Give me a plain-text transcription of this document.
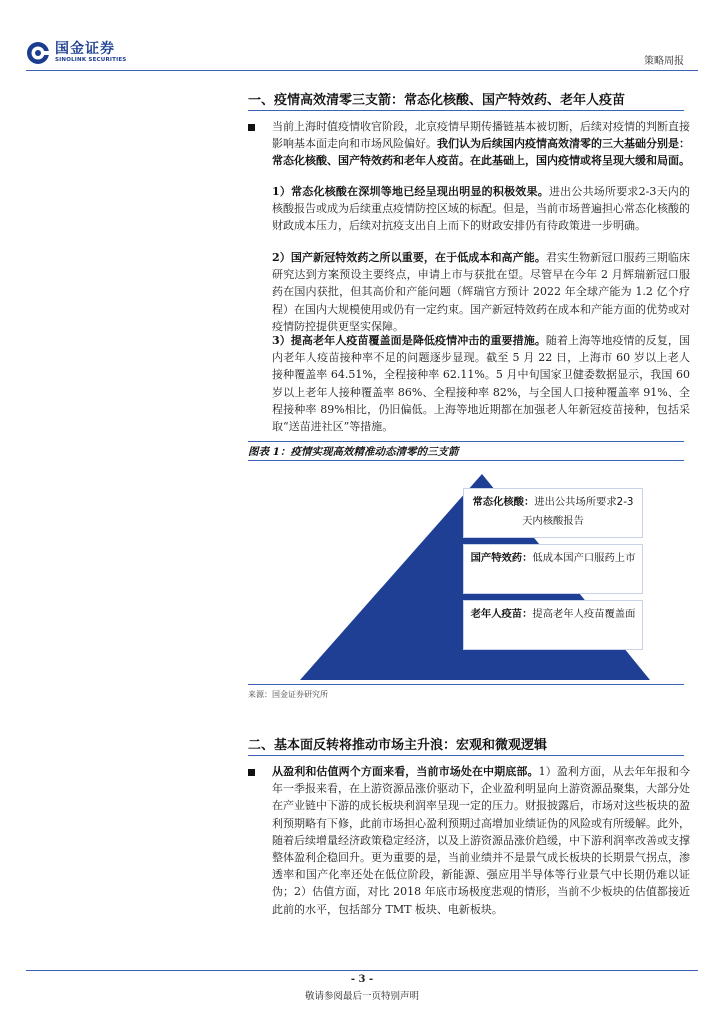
国金证券
SINOLINK SECURITIES	策略周报
一、疫情高效清零三支箭：常态化核酸、国产特效药、老年人疫苗
当前上海时值疫情收官阶段，北京疫情早期传播链基本被切断，后续对疫情的判断直接影响基本面走向和市场风险偏好。我们认为后续国内疫情高效清零的三大基础分别是：常态化核酸、国产特效药和老年人疫苗。在此基础上，国内疫情或将呈现大缓和局面。
1）常态化核酸在深圳等地已经呈现出明显的积极效果。进出公共场所要求2-3天内的核酸报告或成为后续重点疫情防控区域的标配。但是，当前市场普遍担心常态化核酸的财政成本压力，后续对抗疫支出自上而下的财政安排仍有待政策进一步明确。
2）国产新冠特效药之所以重要，在于低成本和高产能。君实生物新冠口服药三期临床研究达到方案预设主要终点，申请上市与获批在望。尽管早在今年 2 月辉瑞新冠口服药在国内获批，但其高价和产能问题（辉瑞官方预计 2022 年全球产能为 1.2 亿个疗程）在国内大规模使用或仍有一定约束。国产新冠特效药在成本和产能方面的优势或对疫情防控提供更坚实保障。
3）提高老年人疫苗覆盖面是降低疫情冲击的重要措施。随着上海等地疫情的反复，国内老年人疫苗接种率不足的问题逐步显现。截至 5 月 22 日，上海市 60 岁以上老人接种覆盖率 64.51%，全程接种率 62.11%。5 月中旬国家卫健委数据显示，我国 60 岁以上老年人接种覆盖率 86%、全程接种率 82%，与全国人口接种覆盖率 91%、全程接种率 89%相比，仍旧偏低。上海等地近期都在加强老人年新冠疫苗接种，包括采取“送苗进社区”等措施。
图表 1：疫情实现高效精准动态清零的三支箭
常态化核酸：进出公共场所要求2-3天内核酸报告
国产特效药：低成本国产口服药上市
老年人疫苗：提高老年人疫苗覆盖面
来源：国金证券研究所
二、基本面反转将推动市场主升浪：宏观和微观逻辑
从盈利和估值两个方面来看，当前市场处在中期底部。1）盈利方面，从去年年报和今年一季报来看，在上游资源品涨价驱动下，企业盈利明显向上游资源品聚集，大部分处在产业链中下游的成长板块利润率呈现一定的压力。财报披露后，市场对这些板块的盈利预期略有下修，此前市场担心盈利预期过高增加业绩证伪的风险或有所缓解。此外，随着后续增量经济政策稳定经济，以及上游资源品涨价趋缓，中下游利润率改善或支撑整体盈利企稳回升。更为重要的是，当前业绩并不是景气成长板块的长期景气拐点，渗透率和国产化率还处在低位阶段，新能源、强应用半导体等行业景气中长期仍难以证伪；2）估值方面，对比 2018 年底市场极度悲观的情形，当前不少板块的估值都接近此前的水平，包括部分 TMT 板块、电新板块。
- 3 -
敬请参阅最后一页特别声明
